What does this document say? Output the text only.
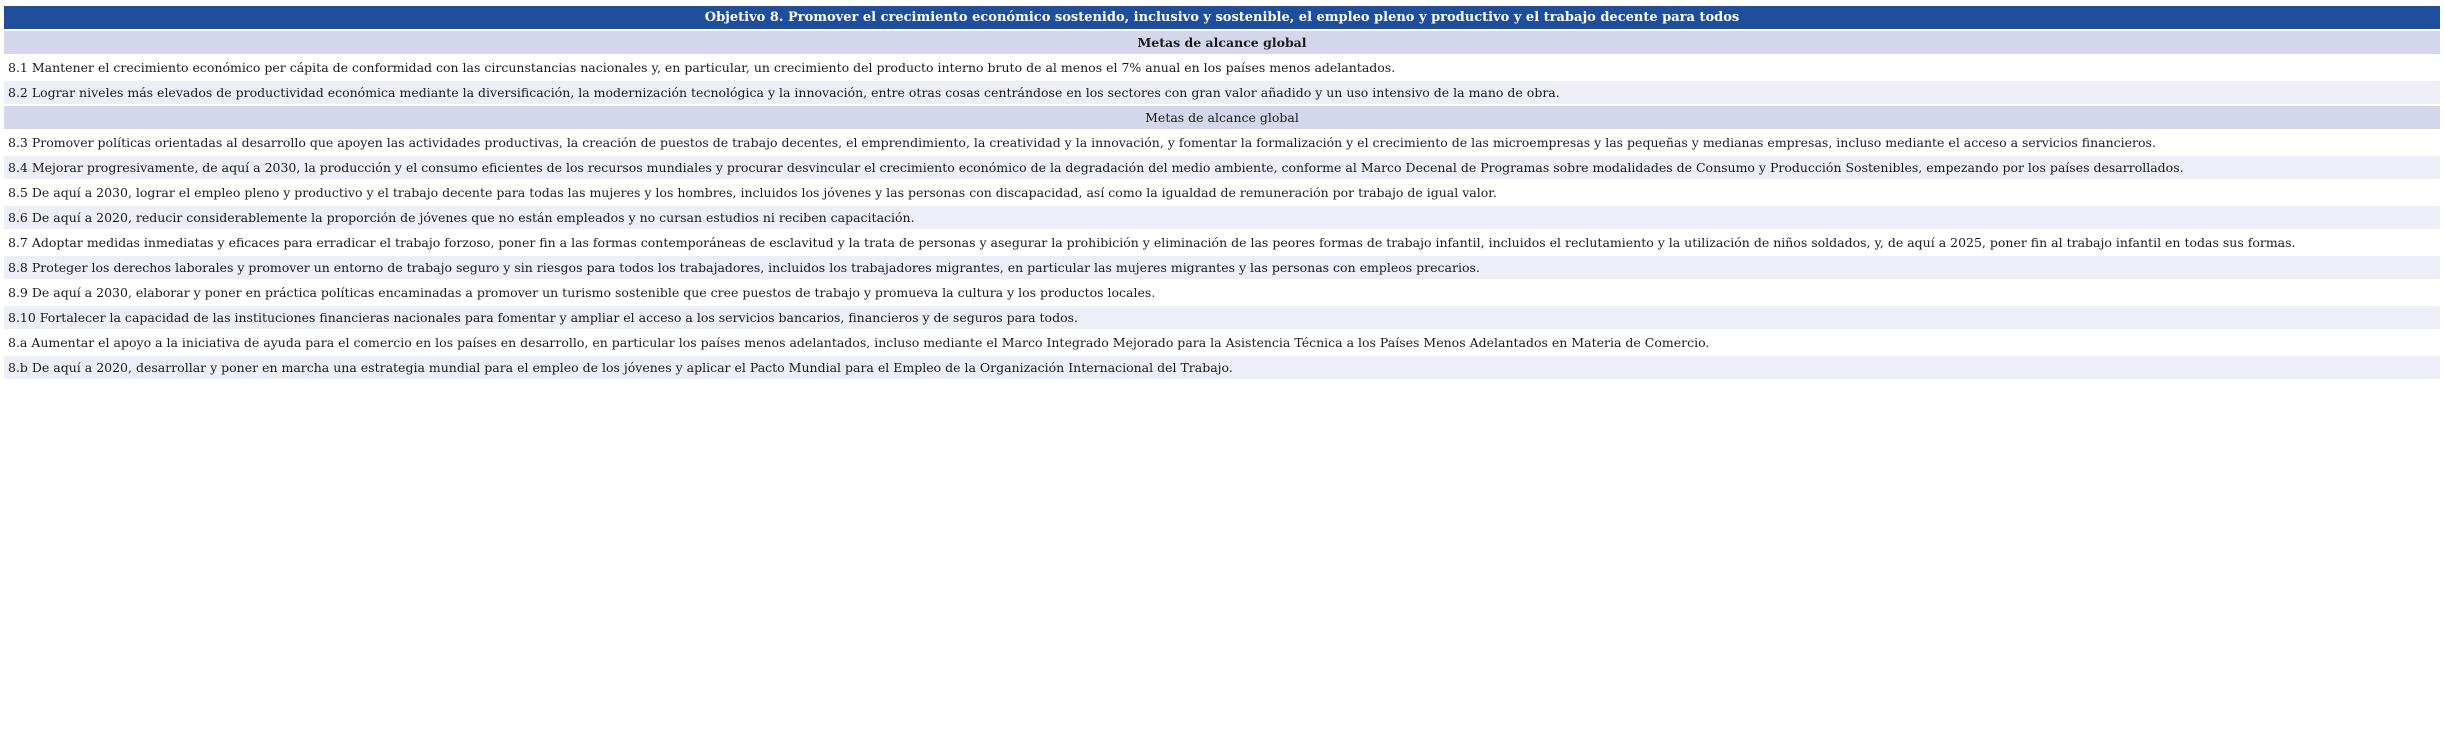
Objetivo 8. Promover el crecimiento económico sostenido, inclusivo y sostenible, el empleo pleno y productivo y el trabajo decente para todos
Metas de alcance global
8.1 Mantener el crecimiento económico per cápita de conformidad con las circunstancias nacionales y, en particular, un crecimiento del producto interno bruto de al menos el 7% anual en los países menos adelantados.
8.2 Lograr niveles más elevados de productividad económica mediante la diversificación, la modernización tecnológica y la innovación, entre otras cosas centrándose en los sectores con gran valor añadido y un uso intensivo de la mano de obra.
Metas de alcance global
8.3 Promover políticas orientadas al desarrollo que apoyen las actividades productivas, la creación de puestos de trabajo decentes, el emprendimiento, la creatividad y la innovación, y fomentar la formalización y el crecimiento de las microempresas y las pequeñas y medianas empresas, incluso mediante el acceso a servicios financieros.
8.4 Mejorar progresivamente, de aquí a 2030, la producción y el consumo eficientes de los recursos mundiales y procurar desvincular el crecimiento económico de la degradación del medio ambiente, conforme al Marco Decenal de Programas sobre modalidades de Consumo y Producción Sostenibles, empezando por los países desarrollados.
8.5 De aquí a 2030, lograr el empleo pleno y productivo y el trabajo decente para todas las mujeres y los hombres, incluidos los jóvenes y las personas con discapacidad, así como la igualdad de remuneración por trabajo de igual valor.
8.6 De aquí a 2020, reducir considerablemente la proporción de jóvenes que no están empleados y no cursan estudios ni reciben capacitación.
8.7 Adoptar medidas inmediatas y eficaces para erradicar el trabajo forzoso, poner fin a las formas contemporáneas de esclavitud y la trata de personas y asegurar la prohibición y eliminación de las peores formas de trabajo infantil, incluidos el reclutamiento y la utilización de niños soldados, y, de aquí a 2025, poner fin al trabajo infantil en todas sus formas.
8.8 Proteger los derechos laborales y promover un entorno de trabajo seguro y sin riesgos para todos los trabajadores, incluidos los trabajadores migrantes, en particular las mujeres migrantes y las personas con empleos precarios.
8.9 De aquí a 2030, elaborar y poner en práctica políticas encaminadas a promover un turismo sostenible que cree puestos de trabajo y promueva la cultura y los productos locales.
8.10 Fortalecer la capacidad de las instituciones financieras nacionales para fomentar y ampliar el acceso a los servicios bancarios, financieros y de seguros para todos.
8.a Aumentar el apoyo a la iniciativa de ayuda para el comercio en los países en desarrollo, en particular los países menos adelantados, incluso mediante el Marco Integrado Mejorado para la Asistencia Técnica a los Países Menos Adelantados en Materia de Comercio.
8.b De aquí a 2020, desarrollar y poner en marcha una estrategia mundial para el empleo de los jóvenes y aplicar el Pacto Mundial para el Empleo de la Organización Internacional del Trabajo.
